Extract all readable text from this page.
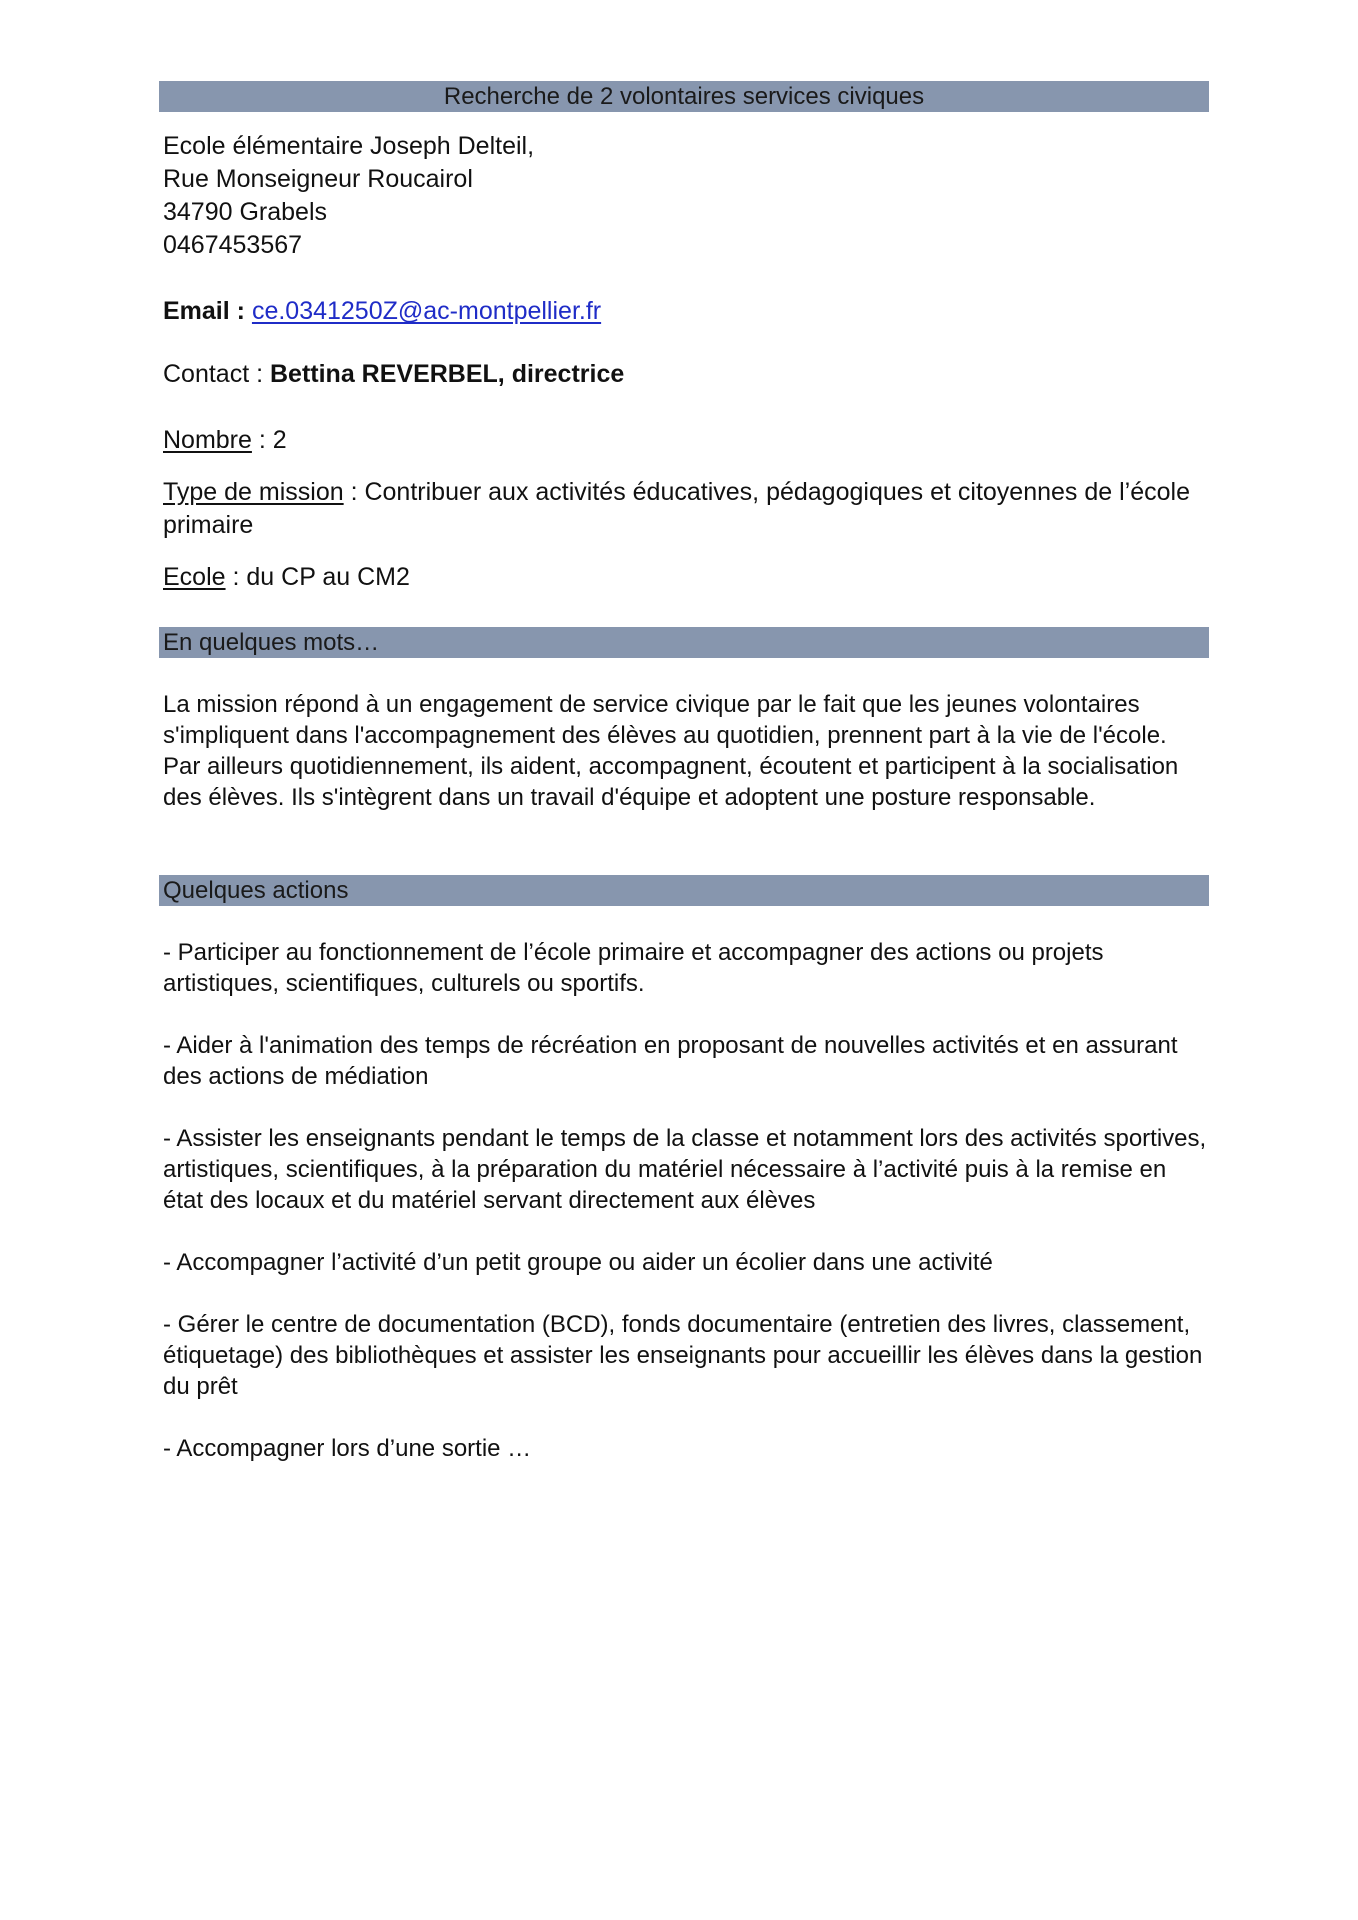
Recherche de 2 volontaires services civiques
Ecole élémentaire Joseph Delteil,
Rue Monseigneur Roucairol
34790 Grabels
0467453567
Email : ce.0341250Z@ac-montpellier.fr
Contact : Bettina REVERBEL, directrice
Nombre : 2
Type de mission : Contribuer aux activités éducatives, pédagogiques et citoyennes de l’école primaire
Ecole : du CP au CM2
En quelques mots…
La mission répond à un engagement de service civique par le fait que les jeunes volontaires s'impliquent dans l'accompagnement des élèves au quotidien, prennent part à la vie de l'école. Par ailleurs quotidiennement, ils aident, accompagnent, écoutent et participent à la socialisation des élèves. Ils s'intègrent dans un travail d'équipe et adoptent une posture responsable.
Quelques actions
- Participer au fonctionnement de l’école primaire et accompagner des actions ou projets artistiques, scientifiques, culturels ou sportifs.
- Aider à l'animation des temps de récréation en proposant de nouvelles activités et en assurant des actions de médiation
- Assister les enseignants pendant le temps de la classe et notamment lors des activités sportives, artistiques, scientifiques, à la préparation du matériel nécessaire à l’activité puis à la remise en état des locaux et du matériel servant directement aux élèves
- Accompagner l’activité d’un petit groupe ou aider un écolier dans une activité
- Gérer le centre de documentation (BCD), fonds documentaire (entretien des livres, classement, étiquetage) des bibliothèques et assister les enseignants pour accueillir les élèves dans la gestion du prêt
- Accompagner lors d’une sortie …
